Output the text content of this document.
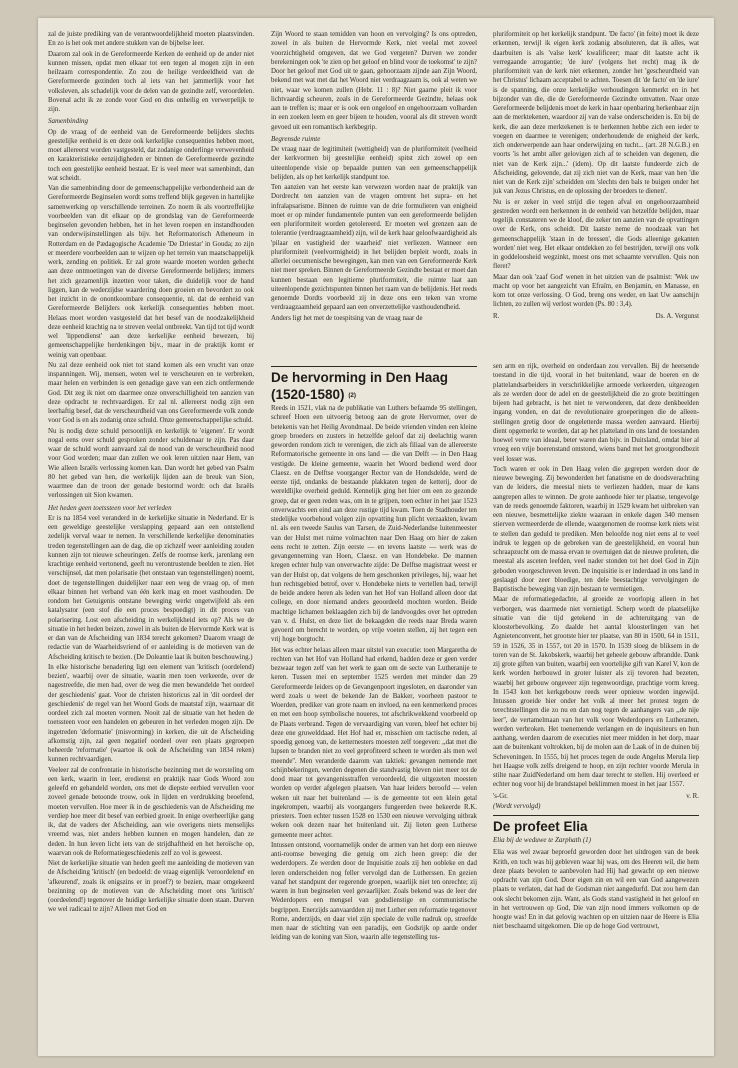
zal de juiste prediking van de verantwoordelijkheid moeten plaatsvinden. En zo is het ook met andere stukken van de bijbelse leer.

Daarom zal ook in de Gereformeerde Kerken de eenheid op de ander niet kunnen missen, opdat men elkaar tot een tegen al mogen zijn in een heilzaam correspondentie. Zo zou de heilige verdeeldheid van de Gereformeerde gezinden toch al iets van het jammerlijk voor het volksleven, als schadelijk voor de delen van de gezindte zelf, veroordelen. Bovenal acht ik ze zonde voor God en dus onheilig en verwerpelijk te zijn.

Samenbinding

Op de vraag of de eenheid van de Gereformeerde belijders slechts geestelijke eenheid is en deze ook kerkelijke consequenties hebben moet, moet allereerst worden vastgesteld, dat zodanige onderlinge verwevenheid en karakteristieke eenzijdigheden er binnen de Gereformeerde gezindte toch een geestelijke eenheid bestaat. Er is veel meer wat samenbindt, dan wat scheidt.

Van die samenbinding door de gemeenschappelijke verbondenheid aan de Gereformeerde Beginselen wordt soms treffend blijk gegeven in hartelijke samenwerking op verschillende terreinen. Zo noem ik als voortreffelijke voorbeelden van dit elkaar op de grondslag van de Gereformeerde beginselen gevonden hebben, het in het leven roepen en instandhouden van onderwijsinstellingen als bijv. het Reformatorisch Atheneum in Rotterdam en de Pædagogische Academie 'De Driestar' in Gouda; zo zijn er meerdere voorbeelden aan te wijzen op het terrein van maatschappelijk werk, zending en politiek. Er zal grote waarde moeten worden gehecht aan deze ontmoetingen van de diverse Gereformeerde belijders; immers het zich gezamenlijk inzetten voor taken, die duidelijk voor de hand liggen, kan de wederzijdse waardering doen groeien en bevordert zo ook het inzicht in de onontkoombare consequentie, nl. dat de eenheid van Gereformeerde Belijders ook kerkelijk consequenties hebben moet. Helaas moet worden vastgesteld dat het besef van de noodzakelijkheid deze eenheid krachtig na te streven veelal ontbreekt. Van tijd tot tijd wordt wel 'lippendienst' aan deze kerkelijke eenheid bewezen, bij gemeenschappelijke herdenkingen bijv., maar in de praktijk komt er weinig van openbaar.

Nu zal deze eenheid ook niet tot stand komen als een vrucht van onze inspanningen. Wij, mensen, weten wel te verscheuren en te verbreken, maar helen en verbinden is een genadige gave van een zich ontfermende God. Dit zeg ik niet om daarmee onze onverschilligheid ten aanzien van deze opdracht te rechtvaardigen. Er zal nl. allereerst nodig zijn een leerhaftig besef, dat de verscheurdheid van ons Gereformeerde volk zonde voor God is en als zodanig onze schuld. Onze gemeenschappelijke schuld.

Nu is nodig deze schuld persoonlijk en kerkelijk te 'eigenen'. Er wordt nogal eens over schuld gesproken zonder schuldenaar te zijn. Pas daar waar de schuld wordt aanvaard zal de nood van de verscheurdheid nood voor God worden; maar dan zullen we ook leren uitzien naar Hem, van Wie alleen Israëls verlossing komen kan. Dan wordt het gebed van Psalm 80 het gebed van hen, die werkelijk lijden aan de breuk van Sion, waarmee dan de troon der genade bestormd wordt: och dat Israëls verlossingen uit Sion kwamen.

Het heden geen toetssteen voor het verleden

Er is na 1854 veel veranderd in de kerkelijke situatie in Nederland. Er is een geweldige geestelijke verslapping gepaard aan een ontstellend zedelijk verval waar te nemen. In verschillende kerkelijke denominaties treden tegenstellingen aan de dag, die op zichzelf weer aanleiding zouden kunnen zijn tot nieuwe scheuringen. Zelfs de roomse kerk, jarenlang een krachtige eenheid vertonend, geeft nu verontrustende beelden te zien. Het verschijnsel, dat men polarisatie (het ontstaan van tegenstellingen) noemt, doet de tegenstellingen duidelijker naar een weg de vraag op, of men elkaar binnen het verband van één kerk mag en moet vasthouden. De rondom het Getuigenis ontstane beweging werkt ongetwijfeld als een katalysator (een stof die een proces bespoedigt) in dit proces van polarisering. Lost een afscheiding in werkelijkheid iets op? Als we de situatie in het heden beizen, zowel in als buiten de Hervormde Kerk wat is er dan van de Afscheiding van 1834 terecht gekomen? Daarom vraagt de redactie van de Waarheidsvriend of er aanleiding is de motieven van de Afscheiding kritisch te bezien. (De Doleantie laat ik buiten beschouwing.)

In elke historische benadering ligt een element van 'kritisch (oordelend) bezien', waarbij over de situatie, waarin men toen verkeerde, over de nagestreefde, die men had, over de weg die men bewandelde 'het oordeel der geschiedenis' gaat. Voor de christen historicus zal in 'dit oordeel der geschiedenis' de regel van het Woord Gods de maatstaf zijn, waarnaar dit oordeel zich zal moeten vormen. Nooit zal de situatie van het heden de toetssteen voor een handelen en gebeuren in het verleden mogen zijn. De ingetreden 'deformatie' (misvorming) in kerken, die uit de Afscheiding afkomstig zijn, zal geen negatief oordeel over een plaats gegroepen beheerde 'reformatie' (waartoe ik ook de Afscheiding van 1834 reken) kunnen rechtvaardigen.

Veeleer zal de confrontatie in historische bezinning met de worsteling om een kerk, waarin in leer, eredienst en praktijk naar Gods Woord zou geleefd en gehandeld worden, ons met de diepste eerbied vervullen voor zoveel genade betoonde trouw, ook in lijden en verdrukking beoefend, moeten vervullen. Hoe meer ik in de geschiedenis van de Afscheiding me verdiep hoe meer dit besef van eerbied groeit. In enige overheerlijke gang ik, dat de vaders der Afscheiding, aan wie overigens niets menselijks vreemd was, niet anders hebben kunnen en mogen handelen, dan ze deden. In hun leven licht iets van de strijdhaftheid en het heroïsche op, waarvan ook de Reformatiegeschiedenis zelf zo vol is geweest.

Niet de kerkelijke situatie van heden geeft me aanleiding de motieven van de Afscheiding 'kritisch' (en bedoeld: de vraag eigenlijk 'veroordelend' en 'afkeurend', zoals ik enigszins er in proef?) te bezien, maar omgekeerd bezinning op de motieven van de Afscheiding moet ons 'kritisch' (oordeelend!) tegenover de huidige kerkelijke situatie doen staan. Durven we wel radicaal te zijn? Alleen met God en

Zijn Woord te staan temidden van hoon en vervolging? Is ons optreden, zowel in als buiten de Hervormde Kerk, niet veelal met zoveel voorzichtigheid omgeven, dat we God vergeten? Durven we zonder berekeningen ook 'te zien op het geloof en blind voor de toekomst' te zijn? Door het geloof met God uit te gaan, gehoorzaam zijnde aan Zijn Woord, bekend met wat met dat het Woord niet verdraagzaam is, ook al weten we niet, waar we komen zullen (Hebr. 11 : 8)? Niet gaarne pleit ik voor lichtvaardig scheuren, zoals in de Gereformeerde Gezindte, helaas ook aan te treffen is; maar er is ook een ongeloof en ongehoorzaam volharden in een zoeken leem en geer bijeen te houden, vooral als dit streven wordt gevoed uit een romantisch kerkbegrip.

Begrensde ruimte

De vraag naar de legitimiteit (wettigheid) van de pluriformiteit (veelheid der kerkvormen bij geestelijke eenheid) spitst zich zowel op een uiteenlopende visie op bepaalde punten van een gemeenschappelijk belijden, als op het kerkelijk standpunt toe.

Ten aanzien van het eerste kan verwezen worden naar de praktijk van Dordrecht ten aanzien van de vragen omtrent het supra- en het infralapsarisme. Binnen de ruimte van de drie formulieren van enigheid moet er op minder fundamentele punten van een gereformeerde belijden een pluriformiteit worden getolereerd. Er moeten wel grenzen aan de tolerantie (verdraagzaamheid) zijn, wil de kerk haar geloofwaardigheid als 'pilaar en vastigheid der waarheid' niet verliezen. Wanneer een pluriformiteit (veelvormigheid) in het belijden bepleit wordt, zoals in allerlei oecumenische bewegingen, kan men van een Gereformeerde Kerk niet meer spreken. Binnen de Gereformeerde Gezindte bestaat er moet dan kunnen bestaan een legitieme pluriformiteit, die ruimte laat aan uiteenlopende gezichtspunten binnen het raam van de belijdenis. Het reeds genoemde Dordts voorbeeld zij in deze ons een teken van vrome verdraagzaamheid gepaard aan een onverzettelijke vasthoudendheid.

Anders ligt het met de toespitsing van de vraag naar de

pluriformiteit op het kerkelijk standpunt. 'De facto' (in feite) moet ik deze erkennen, terwijl ik eigen kerk zodanig absoluteren, dat ik alles, wat daarbuiten is als 'valse kerk' kwalificeer; maar dit laatste acht ik verregaande arrogantie; 'de iure' (volgens het recht) mag ik de pluriformiteit van de kerk niet erkennen, zonder het 'gescheurdheid van het Christus' lichaam acceptabel te achten. Toesen dit 'de facto' en 'de iure' is de spanning, die onze kerkelijke verhoudingen kenmerkt en in het bijzonder van die, die de Gereformeerde Gezindte omvatten. Naar onze Gereformeerde belijdenis moet de kerk in haar openbaring herkenbaar zijn aan de merktekenen, waardoor zij van de valse onderscheiden is. En bij de kerk, die aan deze merktekenen is te herkennen hebbe zich een ieder te voegen en daarmee te verenigen; onderhoudende de enigheid der kerk, zich onderwerpende aan haar onderwijzing en tucht... (art. 28 N.G.B.) en voorts 'is het ambt aller gelovigen zich af te scheiden van degenen, die niet van de Kerk zijn...' (idem). Op dit laatste fundeerde zich de Afscheiding, gelovende, dat zij zich niet van de Kerk, maar van hen 'die niet van de Kerk zijn' scheidden om 'slechts den bals te buigen onder het juk van Jezus Christus, en de oplossing der broeders te dienen'.

Nu is er zeker in veel strijd die tegen afval en ongehoorzaamheid gestreden wordt een herkennen in de eenheid van hetzelfde belijden, maar tegelijk constateren we de kloof, die zeker ten aanzien van de opvattingen over de Kerk, ons scheidt. Dit laatste neme de noodzaak van het gemeenschappelijk 'staan in de bressen', die Gods alleenige gekanten worden' niet weg. Het elkaar ontdekken zo fel bestrijden, terwijl ons volk in goddeloosheid wegzinkt, moest ons met schaamte vervullen. Quis non fleret?

Maar dan ook 'zaaf God' wenen in het uitzien van de psalmist: 'Wek uw macht op voor het aangezicht van Efraïm, en Benjamin, en Manasse, en kom tot onze verlossing. O God, breng ons weder, en laat Uw aanschijn lichten, zo zullen wij verlost worden (Ps. 80 : 3,4).

R.	Ds. A. Vergunst
De hervorming in Den Haag
(1520-1580) (2)

Reeds in 1521, vlak na de publikatie van Luthers befaamde 95 stellingen, schreef Hoen een uitvoerig betoog aan de grote Hervormer, over de betekenis van het Heilig Avondmaal. De beide vrienden vinden een kleine groep broeders en zusters in hetzelfde geloof dat zij deelachtig waren geworden rondom zich te verenigen, die zich als filiaal van de allereerste Reformatorische gemeente in ons land — die van Delft — in Den Haag vestigde. De kleine gemeente, waarin het Woord bediend werd door Claesz. en de Delftse voorganger Rector van de Hondsdelde, werd de eerste tijd, ondanks de bestaande plakkaten tegen de ketterij, door de wereldlijke overheid geduld. Kennelijk ging het hier om een zo gezonde groep, dat er geen reden was, om in te grijpen, toen echter in het jaar 1523 onverwachts een eind aan deze rustige tijd kwam. Toen de Stadhouder ten stedelijke voorbehoud volgen zijn opvatting hun plicht verzaakten, kwam nl. als een tweede Saulus van Tarsen, de Zuid-Nederlandse luitenmeester van der Hulst met ruime volmachten naar Den Haag om hier de zaken eens recht te zetten. Zijn eerste — en tevens laatste — werk was de gevangenneming van Hoen, Claesz. en van Hondebeke. De mannen kregen echter hulp van onverwachte zijde: De Delftse magistraat weest er van der Hulst op, dat volgens de hem geschonken privileges, hij, waar het hun rechtsgebied betrof, over v. Hondebeke niets te vertellen had, terwijl de beide andere heren als leden van het Hof van Holland alleen door dat college, en door niemand anders geoordeeld mochten worden. Beide machtige lichamen beklaagden zich bij de landvoogdes over het optreden van v. d. Hulst, en deze liet de bekaagden die reeds naar Breda waren gevoerd om berecht te worden, op vrije voeten stellen, zij het tegen een vrij hoge borgtocht.

Het was echter helaas alleen maar uitstel van executie: toen Margaretha de rechten van het Hof van Holland had erkend, hadden deze er geen verder bezwaar tegen zelf van het werk te gaan om de secte van Lutheranije te keren. Tussen mei en september 1525 werden met minder dan 29 Gereformeerde leiders op de Gevangenpoort ingesloten, en daaronder van werd zoals u weet de bekende Jan de Bakker, voorheen pastoor te Woerden, prediker van grote naam en invloed, na een kenmerkend proces en met een hoop symbolische noueres, tot afschrikwekkend voorbeeld op de Plaats verbrand. Tegen de vervaardiging van voren, bleef het echter bij deze ene gruwelddaad. Het Hof had er, misschien om tactische reden, al spoedig genoeg van, de ketternesters moesten zelf toegeven: ,,dat met die lupsen te branden niet zo veel geprofiteerd scheen te worden als men wel meende''. Men veranderde daarom van taktiek: gevangen nemende met schijnbekeringen, werden degenen die standvastig bleven niet meer tot de dood maar tot gevangenisstraffen veroordeeld, die uitgezeten moesten worden op verder afgelegen plaatsen. Van haar leiders beroofd — velen weken uit naar het buitenland — is de gemeente tot een klein getal ingekrompen, waarbij als voorgangers fungeerden twee bekeerde R.K. priesters. Toen echter tussen 1528 en 1530 een nieuwe vervolging uitbrak weken ook dezen naar het buitenland uit. Zij lieten geen Lutherse gemeente meer achter.

Intussen ontstond, voornamelijk onder de armen van het dorp een nieuwe anti-roomse beweging die getuig om zich heen greep: die der wederdopers. Ze werden door de Inquisitie zoals zij hen oobleke en dad leren onderscheiden nog feller vervolgd dan de Lutherssen. En gezien vanaf het standpunt der regerende groepen, waarlijk niet ten onrechte; zij waren in hun beginselen veel gevaarlijker. Zoals bekend was de leer der Wederdopers een mengsel van godsdienstige en communistische begrippen. Enerzijds aanvaardden zij met Luther een reformatie tegenover Rome, anderzijds, en daar viel zijn speciale de volle nadruk op, streefde men naar de stichting van een paradijs, een Godsrijk op aarde onder leiding van de koning van Sion, waarin alle tegenstelling tus-

sen arm en rijk, overheid en onderdaan zou vervallen. Bij de heersende toestand in die tijd, vooral in het buitenland, waar de boeren en de plattelandsarbeiders in verschrikkelijke armoede verkeerden, uitgezogen als ze werden door de adel en de geestelijkheid die zo grote bezittingen bijeen had gebracht, is het niet te verwonderen, dat deze denkbeelden ingang vonden, en dat de revolutionaire groeperingen die de alleen- stellingen gretig door de ongeletterde massa werden aanvaard. Hierbij dient opgemerkt te worden, dat ap het platteland in ons land de toestanden hoewel verre van ideaal, beter waren dan bijv. in Duitsland, omdat hier al vroeg een vrije boerenstand ontstond, wiens band met het grootgrondbezit veel losser was.

Toch waren er ook in Den Haag velen die gegrepen werden door de nieuwe beweging. Zij bewonderden het fanatisme en de doodsverachting van de leiders, die meestal niets te verliezen hadden, maar de kans aangrepen alles te winnen. De grote aanhoede hier ter plaatse, tengevolge van de reeds genoemde faktoren, waarbij in 1529 kwam het uitbreken van een nieuwe, besmettelijke ziekte waaraan in enkele dagen 340 mensen stierven vermeerderde de ellende, waargenomen de roomse kerk niets wist te stellen dan geduld te prediken. Men beloofde nog niet eens al te veel indruk te leggen op de gebreken van de geestelijkheid, en vooral hun schraapzucht om de massa ervan te overtuigen dat de nieuwe profeten, die meestal als asceten leefden, veel nader stonden tot het doel God in Zijn geboden voorgeschreven leven. De inquisitie is er inderdaad in ons land in geslaagd door zeer bloedige, ten dele beestachtige vervolgingen de Baptistische beweging van zijn bestaan te vermietigen.

Maar de reformatiegedachte, al groeide ze voorlopig alleen in het verborgen, was daarmede niet vernietigd. Scherp wordt de plaatselijke situatie van die tijd getekend in de achteruitgang van de kloosterbevolking. Zo daalde het aantal kloosterlingen van het Agnietenconvent, het grootste hier ter plaatse, van 80 in 1500, 64 in 1511, 59 in 1526, 35 in 1557, tot 20 in 1570. In 1539 sloeg de bliksem in de toren van de St. Jakobskerk, waarbij het geheele gebouw afbrandde. Dank zij grote giften van buiten, waarbij een voortelijke gift van Karel V, kon de kerk worden herbouwd in groter luister als zij tevoren had bezeten, waarbij het gebouw ongeveer zijn tegenwoordige, prachtige vorm kreeg. In 1543 kon het kerkgebouw reeds weer opnieuw worden ingewijd. Intussen groeide hier onder het volk al meer het protest tegen de terechtstellingen die zo nu en dan nog tegen de aanhangers van ,,de nije leer'', de vertamelmaan van het volk voor Wederdopers en Lutheranen, werden verbroken. Het toenemende verlangen en de inquisiteurs en hun aanhang, werden daarom de executies niet meer midden in het dorp, maar aan de buitenkant voltrokken, bij de molen aan de Laak of in de duinen bij Scheveningen. In 1555, bij het proces tegen de oude Angelus Merula liep het Haagse volk zelfs dreigend te hoop, en zijn rechter voorde Merula in stilte naar ZuidNederland om hem daar terecht te stellen. Hij overleed er echter nog voor hij de brandstapel beklimmen moest in het jaar 1557.

's-Gr.	v. R.
(Wordt vervolgd)
De profeet Elia
Elia bij de weduwe te Zarphath (1)

Elia was wel zwaar beproefd geworden door het uitdrogen van de beek Krith, en toch was hij gebleven waar hij was, om des Heeren wil, die hem deze plaats bevolen te aanbevolen had Hij had gewacht op een nieuwe opdracht van zijn God. Door eigen zin en wil een van God aangewezen plaats te verlaten, dat had de Godsman niet aangedurfd. Dat zou hem dan ook slecht bekomen zijn. Want, als Gods stand vastigheid in het geloof en in het vertrouwen op God, Die van zijn nood immers volkomen op de hoogte was! En in dat gelovig wachten op en uitzien naar de Heere is Elia niet beschaamd uitgekomen. Die op de hoge God vertrouwt,
